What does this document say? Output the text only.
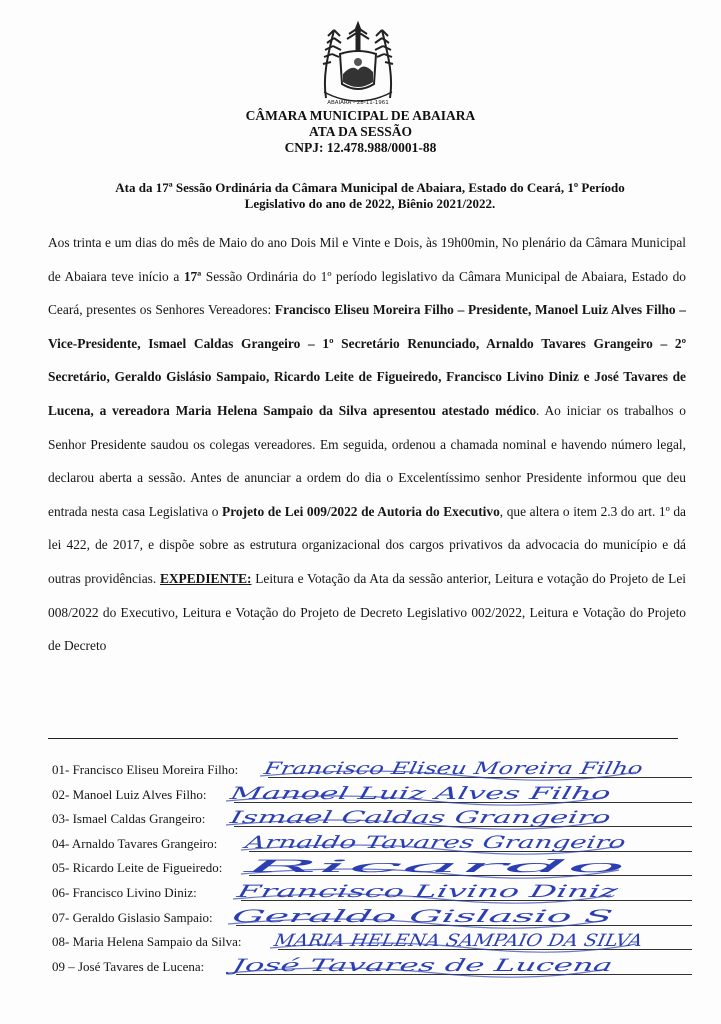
ABAIARA - 28-11-1961
CÂMARA MUNICIPAL DE ABAIARA
ATA DA SESSÃO
CNPJ: 12.478.988/0001-88
Ata da 17ª Sessão Ordinária da Câmara Municipal de Abaiara, Estado do Ceará, 1º Período
Legislativo do ano de 2022, Biênio 2021/2022.
Aos trinta e um dias do mês de Maio do ano Dois Mil e Vinte e Dois, às 19h00min, No plenário da Câmara Municipal de Abaiara teve início a 17ª Sessão Ordinária do 1º período legislativo da Câmara Municipal de Abaiara, Estado do Ceará, presentes os Senhores Vereadores: Francisco Eliseu Moreira Filho – Presidente, Manoel Luiz Alves Filho – Vice-Presidente, Ismael Caldas Grangeiro – 1º Secretário Renunciado, Arnaldo Tavares Grangeiro – 2º Secretário, Geraldo Gislásio Sampaio, Ricardo Leite de Figueiredo, Francisco Livino Diniz e José Tavares de Lucena, a vereadora Maria Helena Sampaio da Silva apresentou atestado médico. Ao iniciar os trabalhos o Senhor Presidente saudou os colegas vereadores. Em seguida, ordenou a chamada nominal e havendo número legal, declarou aberta a sessão. Antes de anunciar a ordem do dia o Excelentíssimo senhor Presidente informou que deu entrada nesta casa Legislativa o Projeto de Lei 009/2022 de Autoria do Executivo, que altera o item 2.3 do art. 1º da lei 422, de 2017, e dispõe sobre as estrutura organizacional dos cargos privativos da advocacia do município e dá outras providências. EXPEDIENTE: Leitura e Votação da Ata da sessão anterior, Leitura e votação do Projeto de Lei 008/2022 do Executivo, Leitura e Votação do Projeto de Decreto Legislativo 002/2022, Leitura e Votação do Projeto de Decreto
01- Francisco Eliseu Moreira Filho: Francisco Eliseu Moreira Filho
02- Manoel Luiz Alves Filho: Manoel Luiz Alves Filho
03- Ismael Caldas Grangeiro: Ismael Caldas Grangeiro
04- Arnaldo Tavares Grangeiro: Arnaldo Tavares Grangeiro
05- Ricardo Leite de Figueiredo:	Ricardo
06- Francisco Livino Diniz: Francisco Livino Diniz
07- Geraldo Gislasio Sampaio: Geraldo Gislasio S
08- Maria Helena Sampaio da Silva: MARIA HELENA SAMPAIO DA SILVA
09 – José Tavares de Lucena:	José Tavares de Lucena
